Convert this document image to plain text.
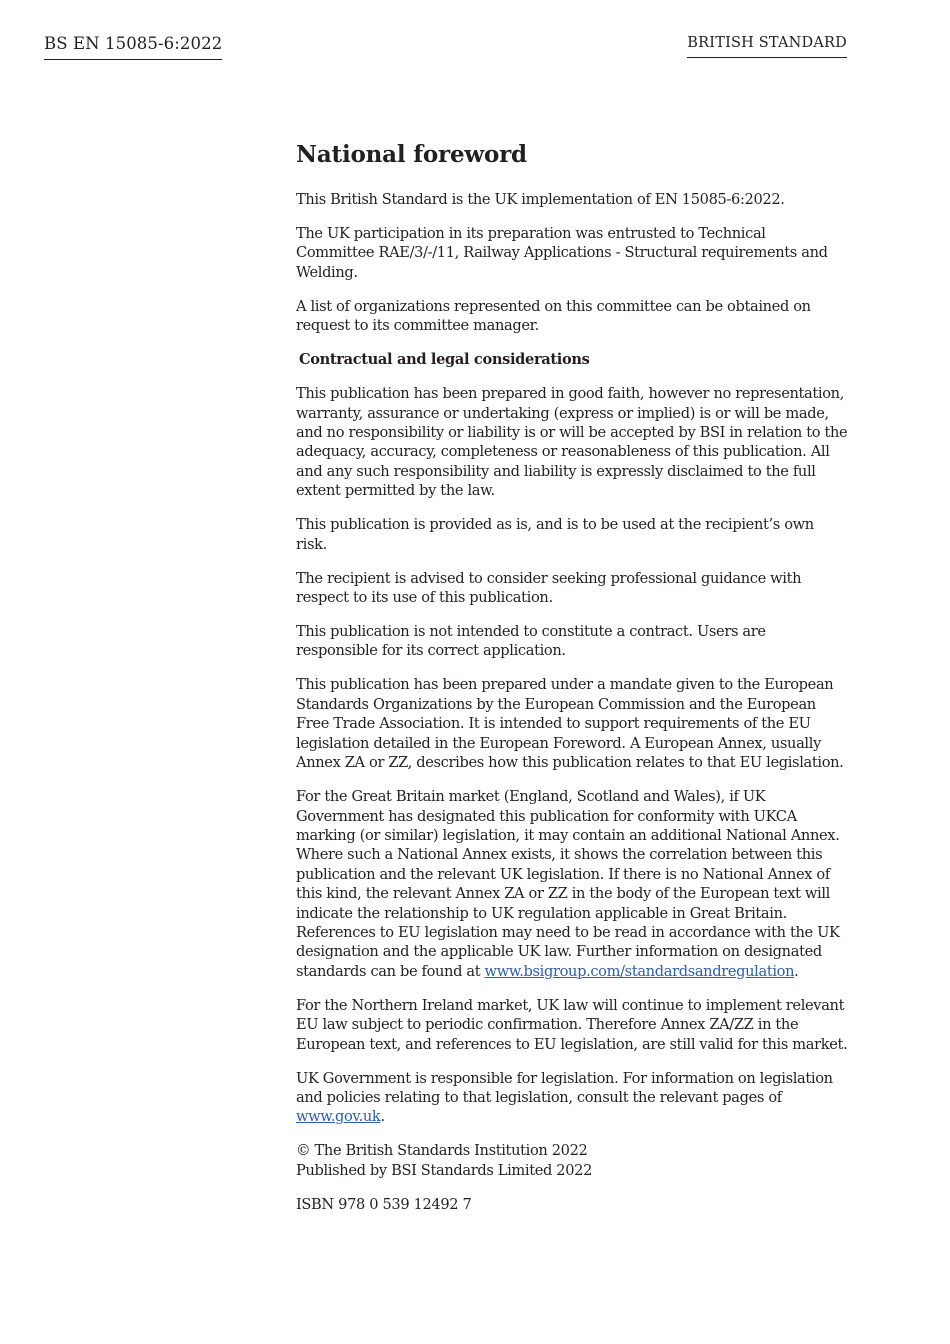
BS EN 15085-6:2022	BRITISH STANDARD
National foreword

This British Standard is the UK implementation of EN 15085-6:2022.

The UK participation in its preparation was entrusted to Technical Committee RAE/3/-/11, Railway Applications - Structural requirements and Welding.

A list of organizations represented on this committee can be obtained on request to its committee manager.

Contractual and legal considerations

This publication has been prepared in good faith, however no representation, warranty, assurance or undertaking (express or implied) is or will be made, and no responsibility or liability is or will be accepted by BSI in relation to the adequacy, accuracy, completeness or reasonableness of this publication. All and any such responsibility and liability is expressly disclaimed to the full extent permitted by the law.

This publication is provided as is, and is to be used at the recipient’s own risk.

The recipient is advised to consider seeking professional guidance with respect to its use of this publication.

This publication is not intended to constitute a contract. Users are responsible for its correct application.

This publication has been prepared under a mandate given to the European Standards Organizations by the European Commission and the European Free Trade Association. It is intended to support requirements of the EU legislation detailed in the European Foreword. A European Annex, usually Annex ZA or ZZ, describes how this publication relates to that EU legislation.

For the Great Britain market (England, Scotland and Wales), if UK Government has designated this publication for conformity with UKCA marking (or similar) legislation, it may contain an additional National Annex. Where such a National Annex exists, it shows the correlation between this publication and the relevant UK legislation. If there is no National Annex of this kind, the relevant Annex ZA or ZZ in the body of the European text will indicate the relationship to UK regulation applicable in Great Britain. References to EU legislation may need to be read in accordance with the UK designation and the applicable UK law. Further information on designated standards can be found at www.bsigroup.com/standardsandregulation.

For the Northern Ireland market, UK law will continue to implement relevant EU law subject to periodic confirmation. Therefore Annex ZA/ZZ in the European text, and references to EU legislation, are still valid for this market.

UK Government is responsible for legislation. For information on legislation and policies relating to that legislation, consult the relevant pages of www.gov.uk.

© The British Standards Institution 2022
Published by BSI Standards Limited 2022

ISBN 978 0 539 12492 7
